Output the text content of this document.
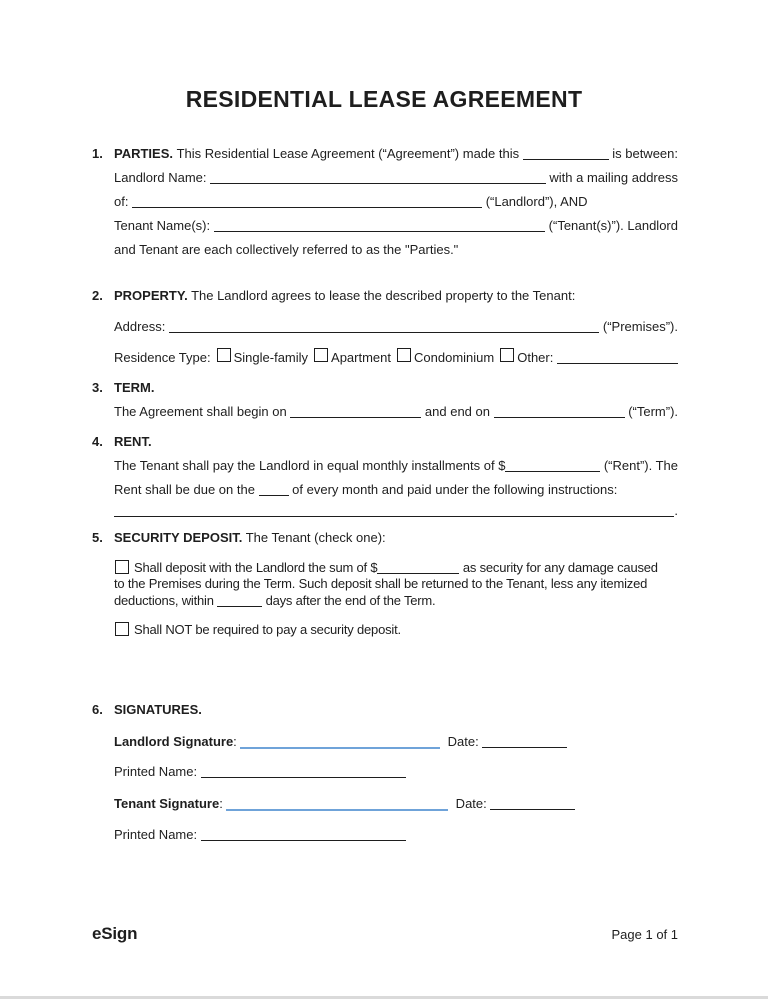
RESIDENTIAL LEASE AGREEMENT
1. PARTIES. This Residential Lease Agreement (“Agreement”) made this	is between:
Landlord Name:	with a mailing address
of:	(“Landlord”), AND
Tenant Name(s):	(“Tenant(s)”). Landlord
and Tenant are each collectively referred to as the "Parties."
2. PROPERTY. The Landlord agrees to lease the described property to the Tenant:
Address:	(“Premises”).
Residence Type: Single-family Apartment Condominium Other:
3. TERM.
The Agreement shall begin on	and end on	(“Term”).
4. RENT.
The Tenant shall pay the Landlord in equal monthly installments of $	(“Rent”). The
Rent shall be due on the  of every month and paid under the following instructions:
.
5. SECURITY DEPOSIT. The Tenant (check one):
Shall deposit with the Landlord the sum of $	as security for any damage caused
to the Premises during the Term. Such deposit shall be returned to the Tenant, less any itemized
deductions, within	days after the end of the Term.
Shall NOT be required to pay a security deposit.
6. SIGNATURES.
Landlord Signature:	Date:
Printed Name:
Tenant Signature:	Date:
Printed Name:
eSign	Page 1 of 1
